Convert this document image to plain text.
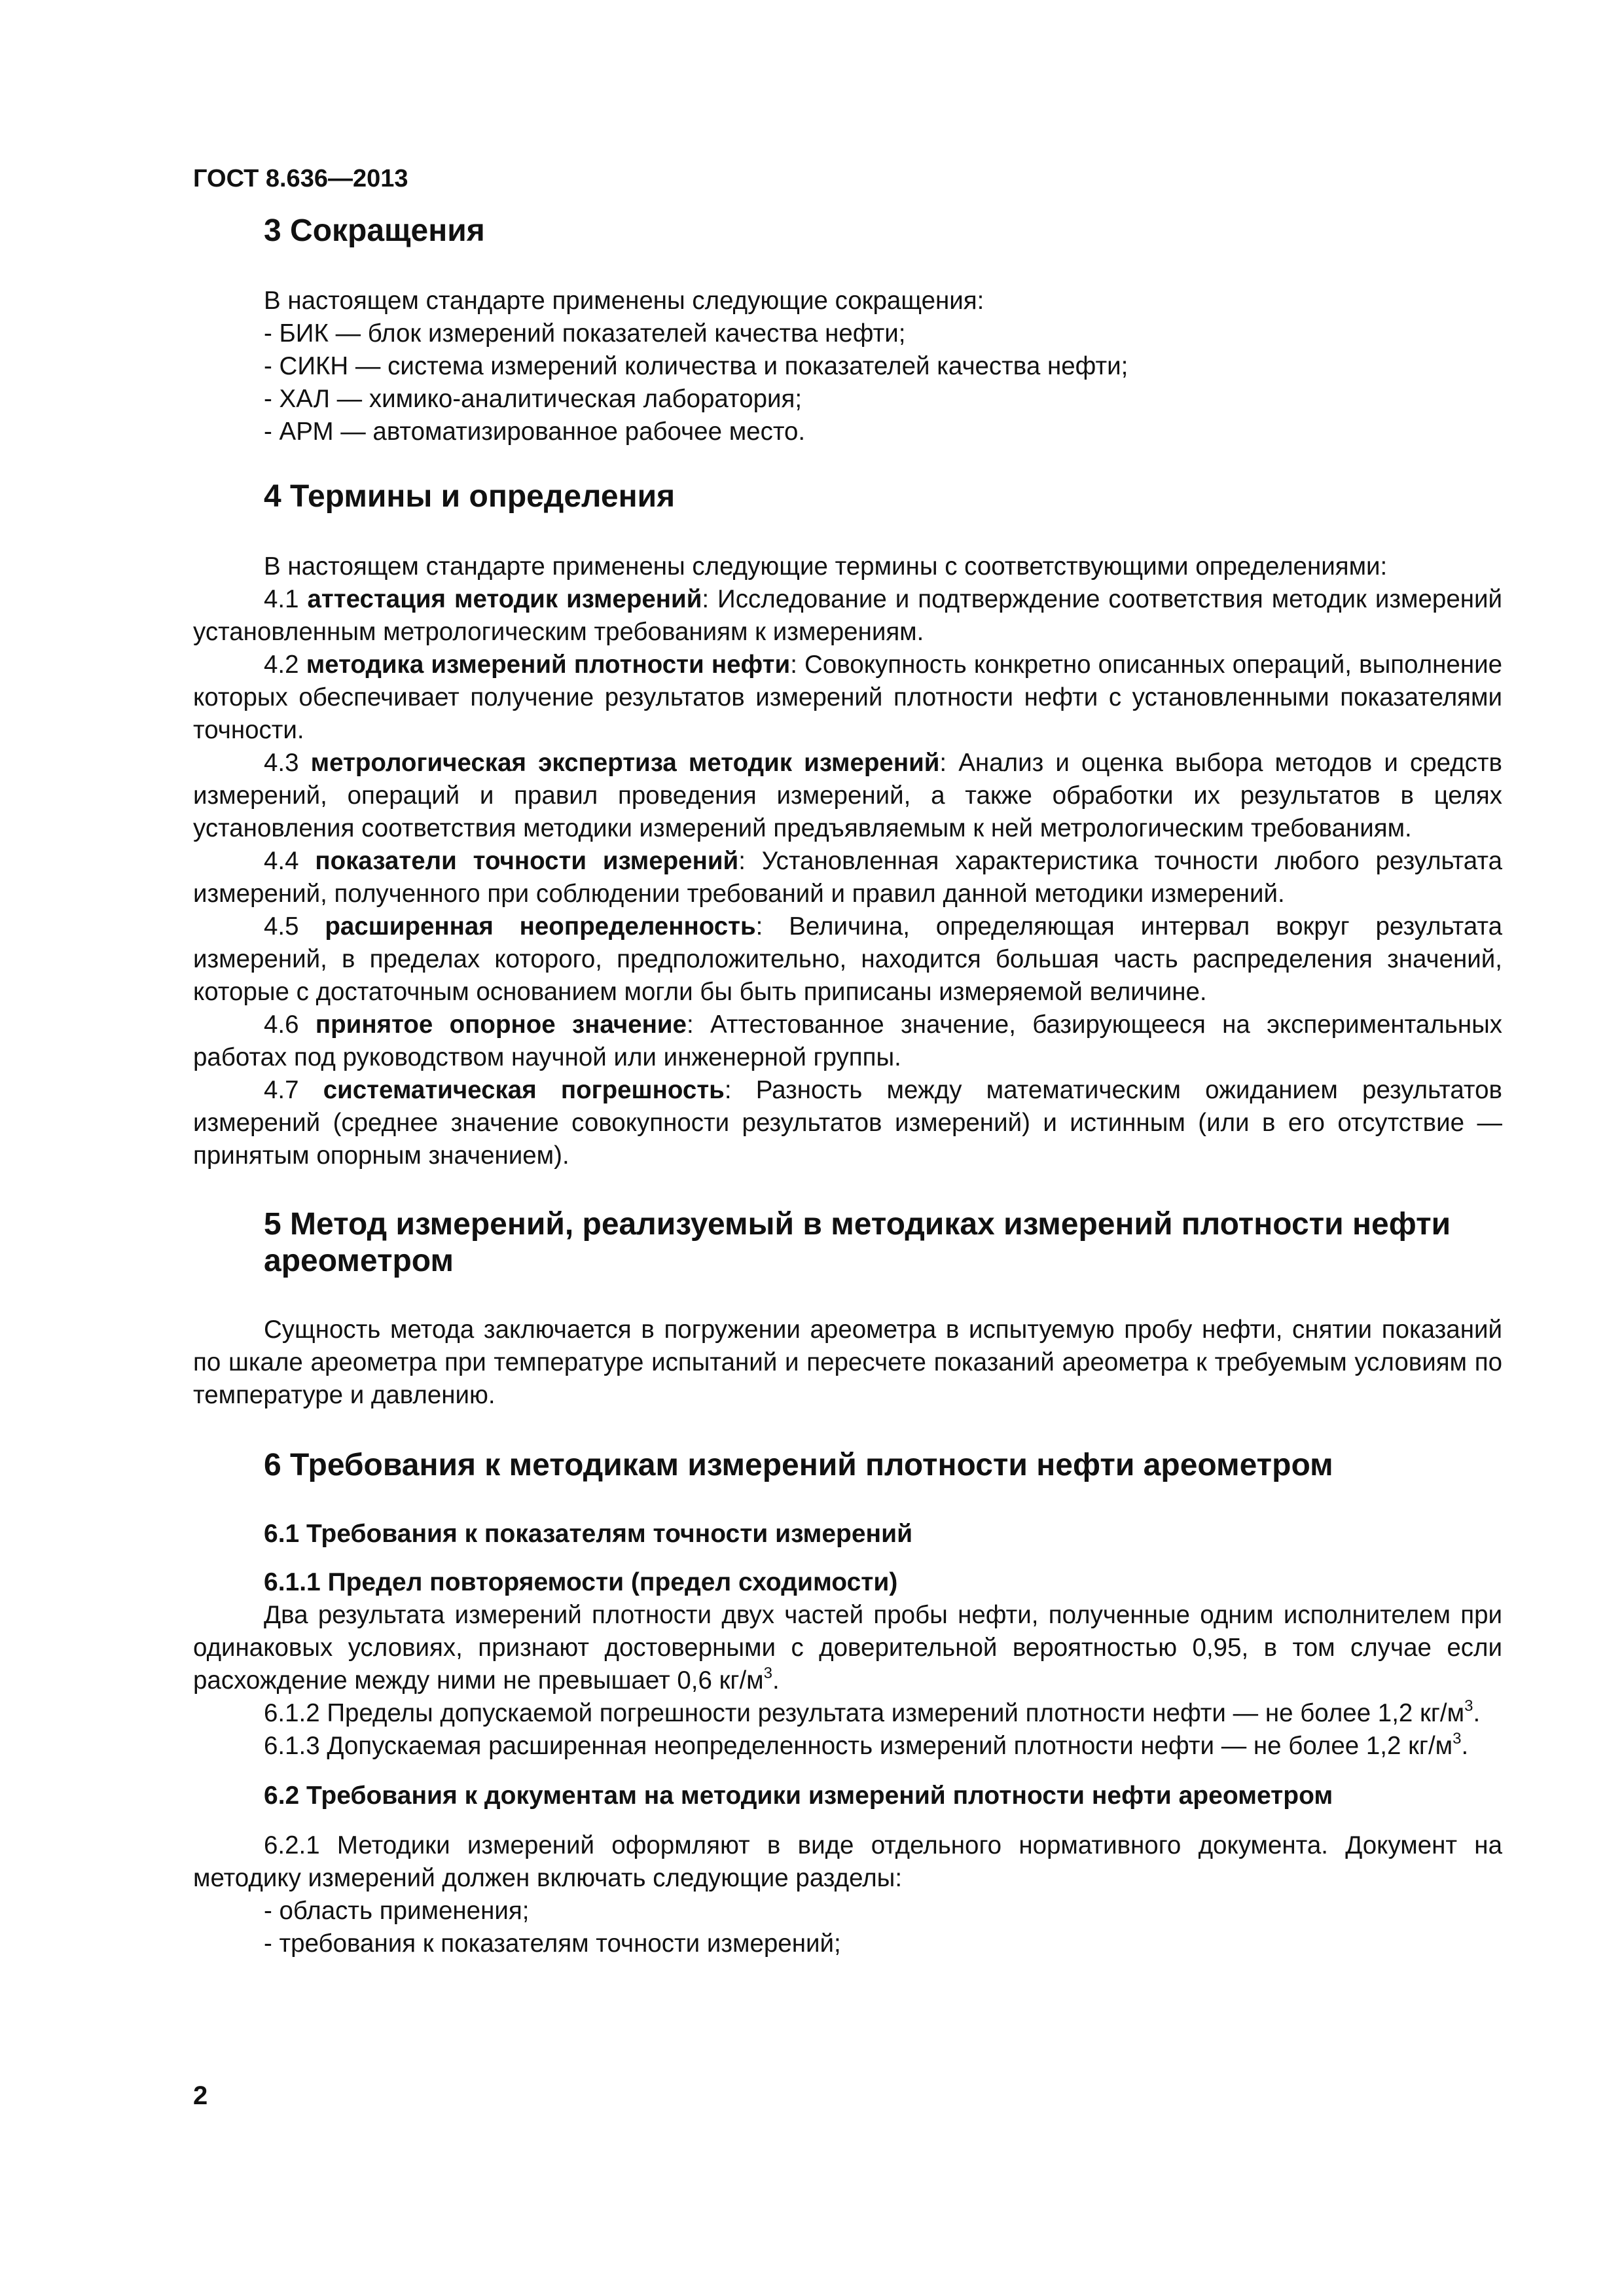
ГОСТ 8.636—2013
3 Сокращения

В настоящем стандарте применены следующие сокращения:

- БИК — блок измерений показателей качества нефти;

- СИКН — система измерений количества и показателей качества нефти;

- ХАЛ — химико-аналитическая лаборатория;

- АРМ — автоматизированное рабочее место.

4 Термины и определения

В настоящем стандарте применены следующие термины с соответствующими определениями:

4.1 аттестация методик измерений: Исследование и подтверждение соответствия методик измерений установленным метрологическим требованиям к измерениям.

4.2 методика измерений плотности нефти: Совокупность конкретно описанных операций, выполнение которых обеспечивает получение результатов измерений плотности нефти с установленными показателями точности.

4.3 метрологическая экспертиза методик измерений: Анализ и оценка выбора методов и средств измерений, операций и правил проведения измерений, а также обработки их результатов в целях установления соответствия методики измерений предъявляемым к ней метрологическим требованиям.

4.4 показатели точности измерений: Установленная характеристика точности любого результата измерений, полученного при соблюдении требований и правил данной методики измерений.

4.5 расширенная неопределенность: Величина, определяющая интервал вокруг результата измерений, в пределах которого, предположительно, находится большая часть распределения значений, которые с достаточным основанием могли бы быть приписаны измеряемой величине.

4.6 принятое опорное значение: Аттестованное значение, базирующееся на экспериментальных работах под руководством научной или инженерной группы.

4.7 систематическая погрешность: Разность между математическим ожиданием результатов измерений (среднее значение совокупности результатов измерений) и истинным (или в его отсутствие — принятым опорным значением).

5 Метод измерений, реализуемый в методиках измерений плотности нефти ареометром

Сущность метода заключается в погружении ареометра в испытуемую пробу нефти, снятии показаний по шкале ареометра при температуре испытаний и пересчете показаний ареометра к требуемым условиям по температуре и давлению.

6 Требования к методикам измерений плотности нефти ареометром
6.1 Требования к показателям точности измерений
6.1.1 Предел повторяемости (предел сходимости)

Два результата измерений плотности двух частей пробы нефти, полученные одним исполнителем при одинаковых условиях, признают достоверными с доверительной вероятностью 0,95, в том случае если расхождение между ними не превышает 0,6 $кг/м^3$.

6.1.2 Пределы допускаемой погрешности результата измерений плотности нефти — не более 1,2 $кг/м^3$.

6.1.3 Допускаемая расширенная неопределенность измерений плотности нефти — не более 1,2 $кг/м^3$.

6.2 Требования к документам на методики измерений плотности нефти ареометром

6.2.1 Методики измерений оформляют в виде отдельного нормативного документа. Документ на методику измерений должен включать следующие разделы:

- область применения;

- требования к показателям точности измерений;

2
